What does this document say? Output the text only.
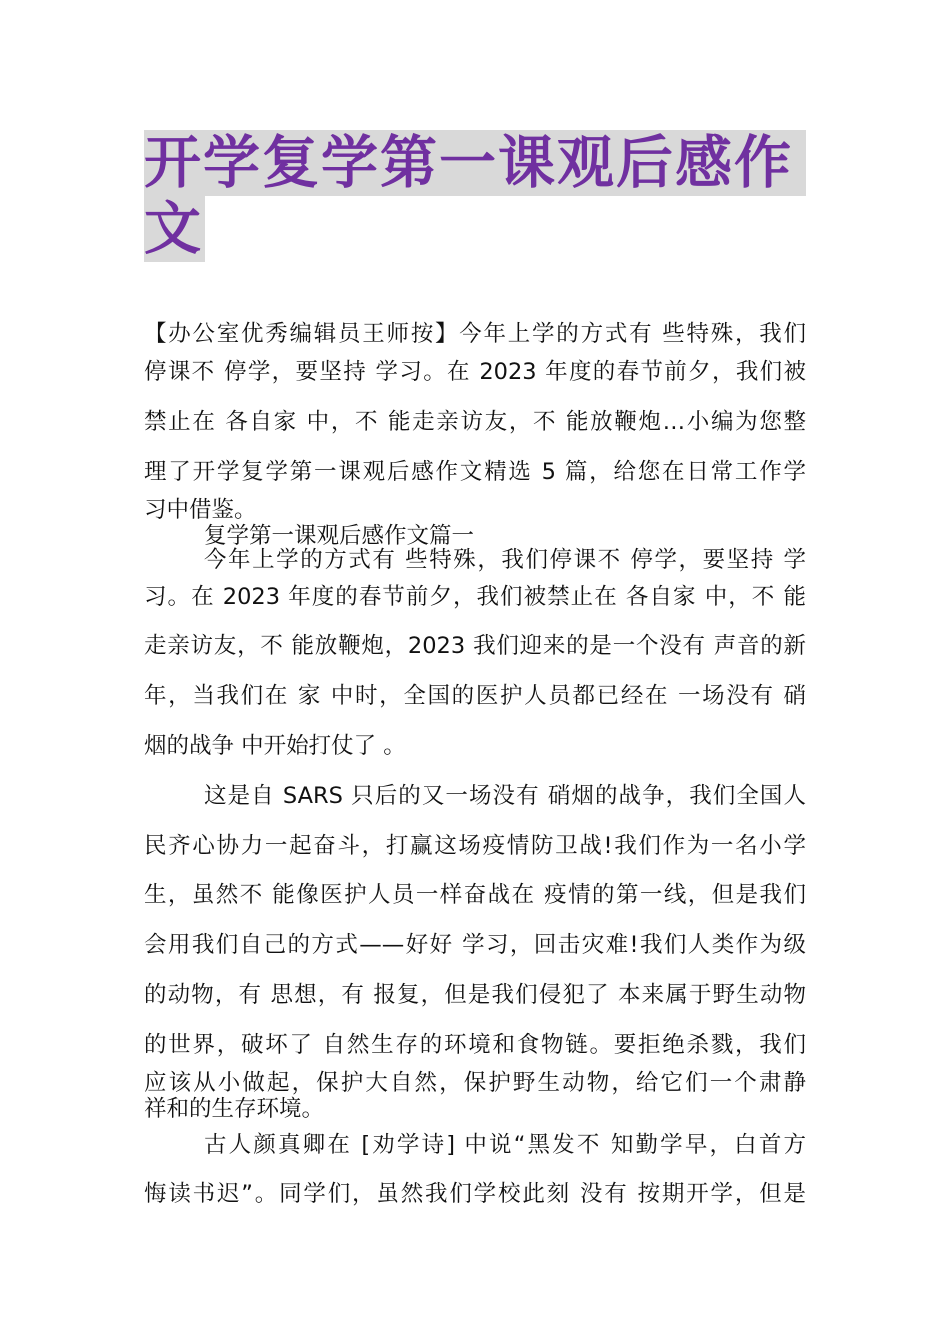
开学复学第一课观后感作
文
【办公室优秀编辑员王师按】今年上学的方式有 些特殊，我们
停课不 停学，要坚持 学习。在 2023 年度的春节前夕，我们被
禁止在 各自家 中，不 能走亲访友，不 能放鞭炮…小编为您整
理了开学复学第一课观后感作文精选 5 篇，给您在日常工作学
习中借鉴。
复学第一课观后感作文篇一
今年上学的方式有 些特殊，我们停课不 停学，要坚持 学
习。在 2023 年度的春节前夕，我们被禁止在 各自家 中，不 能
走亲访友，不 能放鞭炮，2023 我们迎来的是一个没有 声音的新
年，当我们在 家 中时，全国的医护人员都已经在 一场没有 硝
烟的战争 中开始打仗了 。
这是自 SARS 只后的又一场没有 硝烟的战争，我们全国人
民齐心协力一起奋斗，打赢这场疫情防卫战!我们作为一名小学
生，虽然不 能像医护人员一样奋战在 疫情的第一线，但是我们
会用我们自己的方式——好好 学习，回击灾难!我们人类作为级
的动物，有 思想，有 报复，但是我们侵犯了 本来属于野生动物
的世界，破坏了 自然生存的环境和食物链。要拒绝杀戮，我们
应该从小做起，保护大自然，保护野生动物，给它们一个肃静
祥和的生存环境。
古人颜真卿在 [劝学诗] 中说“黑发不 知勤学早，白首方
悔读书迟”。同学们，虽然我们学校此刻 没有 按期开学，但是
